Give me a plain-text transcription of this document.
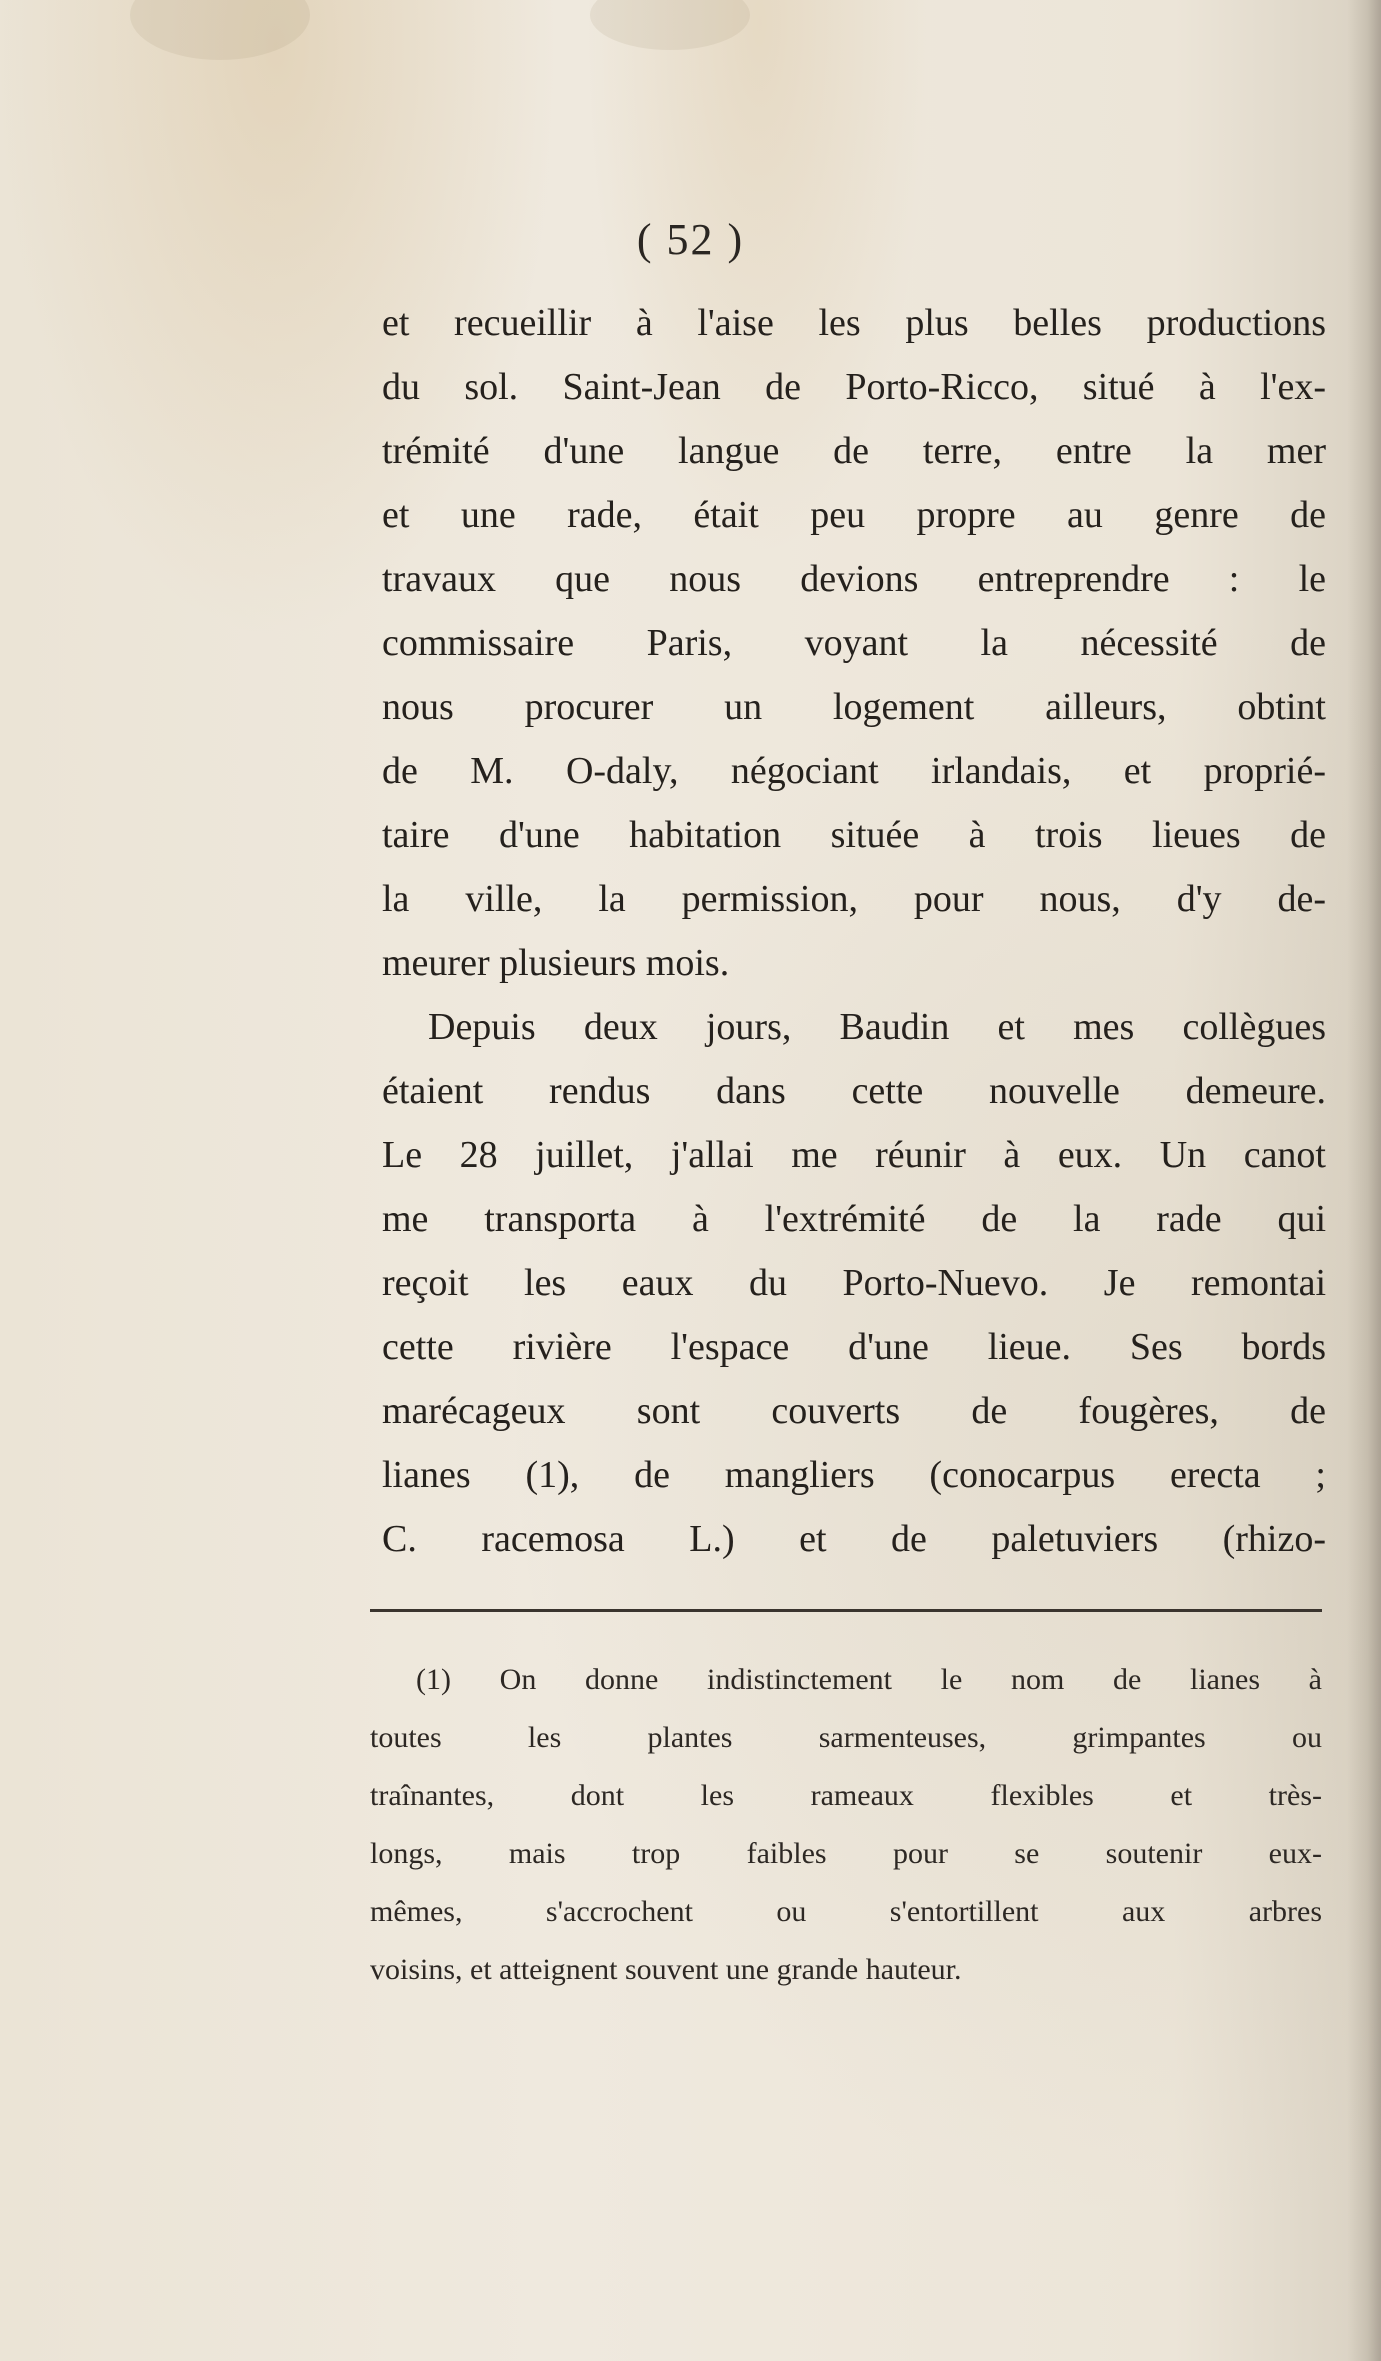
( 52 )
et recueillir à l'aise les plus belles productions
du sol. Saint-Jean de Porto-Ricco, situé à l'ex-
trémité d'une langue de terre, entre la mer
et une rade, était peu propre au genre de
travaux que nous devions entreprendre : le
commissaire Paris, voyant la nécessité de
nous procurer un logement ailleurs, obtint
de M. O-daly, négociant irlandais, et proprié-
taire d'une habitation située à trois lieues de
la ville, la permission, pour nous, d'y de-
meurer plusieurs mois.
Depuis deux jours, Baudin et mes collègues
étaient rendus dans cette nouvelle demeure.
Le 28 juillet, j'allai me réunir à eux. Un canot
me transporta à l'extrémité de la rade qui
reçoit les eaux du Porto-Nuevo. Je remontai
cette rivière l'espace d'une lieue. Ses bords
marécageux sont couverts de fougères, de
lianes (1), de mangliers (conocarpus erecta ;
C. racemosa L.) et de paletuviers (rhizo-
(1) On donne indistinctement le nom de lianes à
toutes les plantes sarmenteuses, grimpantes ou
traînantes, dont les rameaux flexibles et très-
longs, mais trop faibles pour se soutenir eux-
mêmes, s'accrochent ou s'entortillent aux arbres
voisins, et atteignent souvent une grande hauteur.
